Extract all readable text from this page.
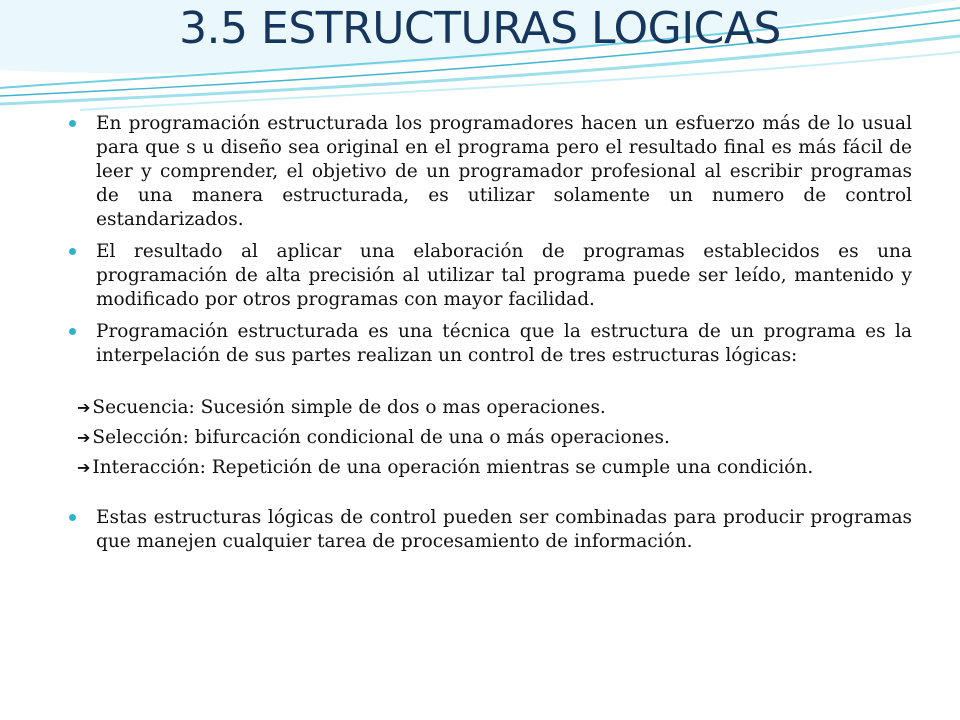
3.5 ESTRUCTURAS LOGICAS
En programación estructurada los programadores hacen un esfuerzo más de lo usual para que s u diseño sea original en el programa pero el resultado final es más fácil de leer y comprender, el objetivo de un programador profesional al escribir programas de una manera estructurada, es utilizar solamente un numero de control estandarizados.
El resultado al aplicar una elaboración de programas establecidos es una programación de alta precisión al utilizar tal programa puede ser leído, mantenido y modificado por otros programas con mayor facilidad.
Programación estructurada es una técnica que la estructura de un programa es la interpelación de sus partes realizan un control de tres estructuras lógicas:
➔ Secuencia: Sucesión simple de dos o mas operaciones.
➔ Selección: bifurcación condicional de una o más operaciones.
➔ Interacción: Repetición de una operación mientras se cumple una condición.
Estas estructuras lógicas de control pueden ser combinadas para producir programas que manejen cualquier tarea de procesamiento de información.
